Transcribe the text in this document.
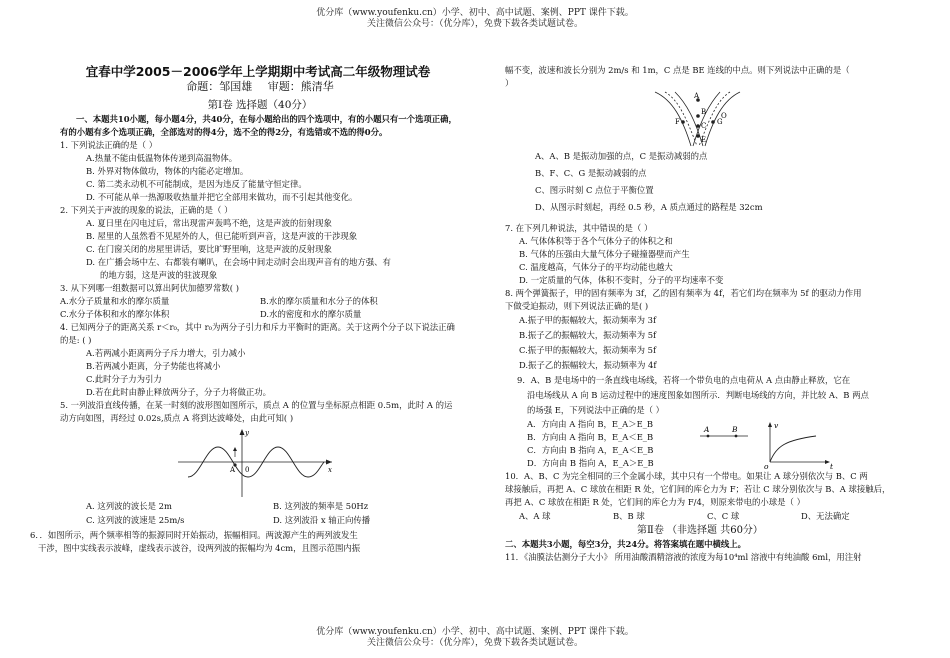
优分库（www.youfenku.cn）小学、初中、高中试题、案例、PPT 课件下载。
关注微信公众号：（优分库），免费下载各类试题试卷。
宜春中学2005－2006学年上学期期中考试高二年级物理试卷
命题：邹国雄 审题：熊清华
第Ⅰ卷 选择题（40分）
一、本题共10小题，每小题4分，共40分，在每小题给出的四个选项中，有的小题只有一个选项正确，有的小题有多个选项正确，全部选对的得4分，选不全的得2分，有选错或不选的得0分。
1. 下列说法正确的是（ ）
A.热量不能由低温物体传递到高温物体。
B. 外界对物体做功，物体的内能必定增加。
C. 第二类永动机不可能制成，是因为违反了能量守恒定律。
D. 不可能从单一热源吸收热量并把它全部用来做功，而不引起其他变化。
2. 下列关于声波的现象的说法，正确的是（ ）
A. 夏日里在闪电过后，常出现雷声轰鸣不绝，这是声波的衍射现象
B. 屋里的人虽然看不见屋外的人，但已能听到声音，这是声波的干涉现象
C. 在门窗关闭的房屋里讲话，要比旷野里响，这是声波的反射现象
D. 在广播会场中左、右都装有喇叭，在会场中间走动时会出现声音有的地方强、有
的地方弱，这是声波的驻波现象
3. 从下列哪一组数据可以算出阿伏加德罗常数( )
A.水分子质量和水的摩尔质量	B.水的摩尔质量和水分子的体积
C.水分子体积和水的摩尔体积	D.水的密度和水的摩尔质量
4. 已知两分子的距离关系 r＜r₀，其中 r₀为两分子引力和斥力平衡时的距离。关于这两个分子以下说法正确的是: ( )
A.若两减小距离两分子斥力增大，引力减小
B.若两减小距离，分子势能也将减小
C.此时分子力为引力
D.若在此时由静止释放两分子，分子力将做正功。
5. 一列波沿直线传播，在某一时刻的波形图如图所示，质点 A 的位置与坐标原点相距 0.5m，此时 A 的运动方向如图，再经过 0.02s,质点 A 将到达波峰处，由此可知( )
A 0
y
x
A. 这列波的波长是 2m	B. 这列波的频率是 50Hz
C. 这列波的波速是 25m/s	D. 这列波沿 x 轴正向传播
6．．如图所示，两个频率相等的振源同时开始振动，振幅相同。两波源产生的两列波发生
干涉，图中实线表示波峰，虚线表示波谷，设两列波的振幅均为 4cm，且图示范围内振
幅不变，波速和波长分别为 2m/s 和 1m，C 点是 BE 连线的中点。则下列说法中正确的是（
）
A
B
C
E
F	G
O
A、A、B 是振动加强的点，C 是振动减弱的点
B、F、C、G 是振动减弱的点
C、图示时刻 C 点位于平衡位置
D、从图示时刻起，再经 0.5 秒，A 质点通过的路程是 32cm
7. 在下列几种说法，其中错误的是（ ）
A. 气体体积等于各个气体分子的体积之和
B. 气体的压强由大量气体分子碰撞器壁而产生
C. 温度越高，气体分子的平均动能也越大
D. 一定质量的气体，体积不变时，分子的平均速率不变
8. 两个弹簧振子，甲的固有频率为 3f，乙的固有频率为 4f，若它们均在频率为 5f 的驱动力作用
下做受迫振动，则下列说法正确的是( )
A.振子甲的振幅较大，振动频率为 3f
B.振子乙的振幅较大，振动频率为 5f
C.振子甲的振幅较大，振动频率为 5f
D.振子乙的振幅较大，振动频率为 4f
9．A、B 是电场中的一条直线电场线，若将一个带负电的点电荷从 A 点由静止释放，它在
沿电场线从 A 向 B 运动过程中的速度图象如图所示．判断电场线的方向，并比较 A、B 两点
的场强 E，下列说法中正确的是（ ）
A．方向由 A 指向 B，E_A＞E_B
B．方向由 A 指向 B，E_A＜E_B
C．方向由 B 指向 A，E_A＜E_B
D．方向由 B 指向 A，E_A＞E_B
A	B	v
o	t
10．A、B、C 为完全相同的三个金属小球，其中只有一个带电。如果让 A 球分别依次与 B、C 两
球接触后，再把 A、C 球放在相距 R 处，它们间的库仑力为 F；若让 C 球分别依次与 B、A 球接触后，
再把 A、C 球放在相距 R 处，它们间的库仑力为 F/4，则原来带电的小球是（ ）
A、A 球	B、B 球	C、C 球	D、无法确定
第Ⅱ卷 （非选择题 共60分）
二、本题共3小题，每空3分，共24分。将答案填在题中横线上。
11．《油膜法估测分子大小》 所用油酸酒精溶液的浓度为每10⁴ml 溶液中有纯油酸 6ml，用注射
优分库（www.youfenku.cn）小学、初中、高中试题、案例、PPT 课件下载。
关注微信公众号：（优分库），免费下载各类试题试卷。
